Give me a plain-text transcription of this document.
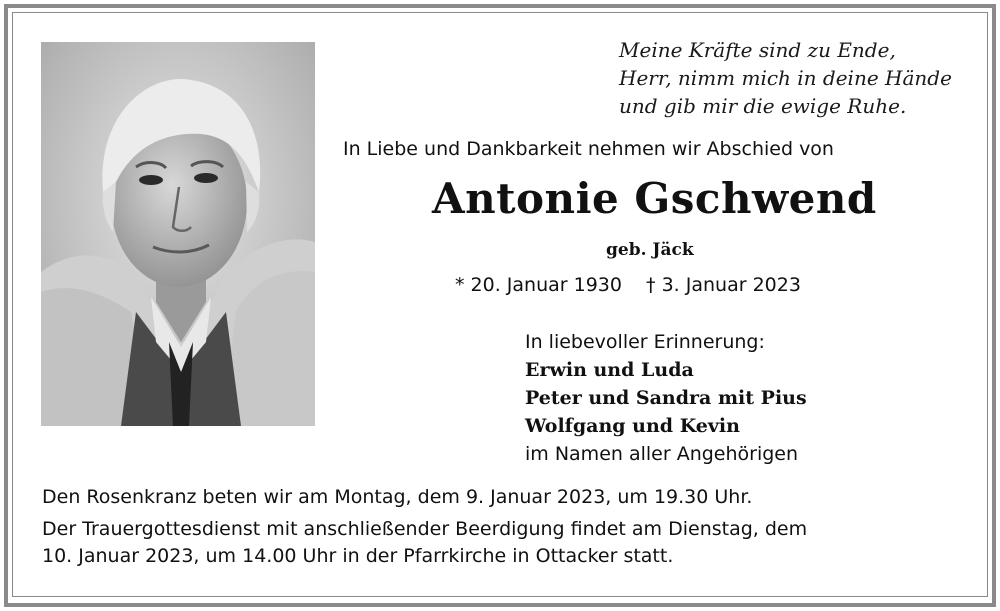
Meine Kräfte sind zu Ende,
Herr, nimm mich in deine Hände
und gib mir die ewige Ruhe.
In Liebe und Dankbarkeit nehmen wir Abschied von
Antonie Gschwend
geb. Jäck
* 20. Januar 1930 † 3. Januar 2023
In liebevoller Erinnerung:
Erwin und Luda
Peter und Sandra mit Pius
Wolfgang und Kevin
im Namen aller Angehörigen
Den Rosenkranz beten wir am Montag, dem 9. Januar 2023, um 19.30 Uhr.
Der Trauergottesdienst mit anschließender Beerdigung findet am Dienstag, dem
10. Januar 2023, um 14.00 Uhr in der Pfarrkirche in Ottacker statt.
